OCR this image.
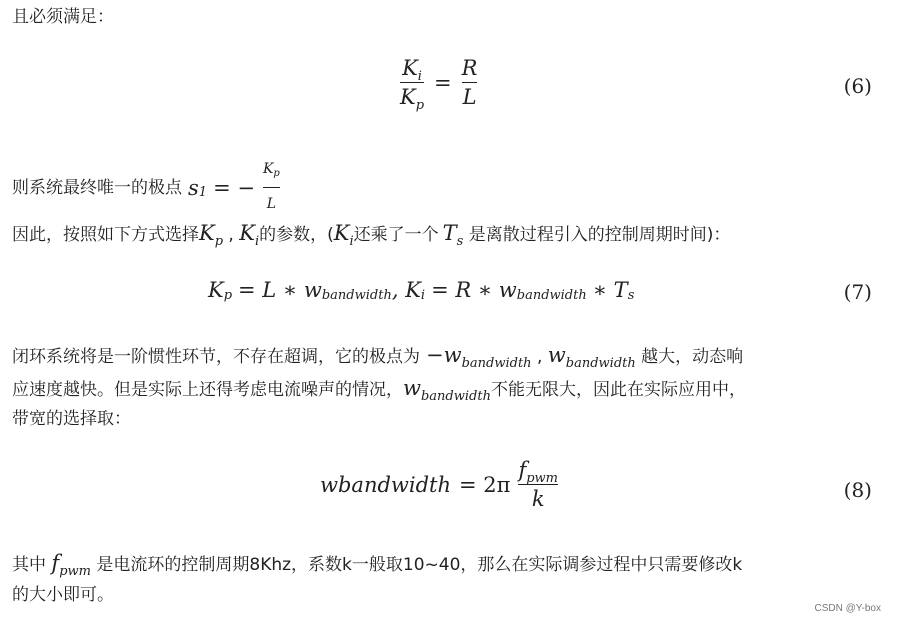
且必须满足：
$\frac{K_i}{K_p} = \frac{R}{L}$	(6)
则系统最终唯一的极点 s 1 = − $\frac{Kp}{L}$
因此，按照如下方式选择$K_p$ , $K_i$的参数，($K_i$还乘了一个 $T_s$ 是离散过程引入的控制周期时间)：
K p = L ∗ w bandwidth , K i = R ∗ w bandwidth ∗ T s	(7)
闭环系统将是一阶惯性环节，不存在超调，它的极点为 $-w_{bandwidth}$ , $w_{bandwidth}$ 越大，动态响
应速度越快。但是实际上还得考虑电流噪声的情况，$w_{bandwidth}$不能无限大，因此在实际应用中，
带宽的选择取：
wbandwidth = $2\pi \frac{f_{pwm}}{k}$	(8)
其中 $f_{pwm}$ 是电流环的控制周期8Khz，系数k一般取10~40，那么在实际调参过程中只需要修改k
的大小即可。
CSDN @Y-box
